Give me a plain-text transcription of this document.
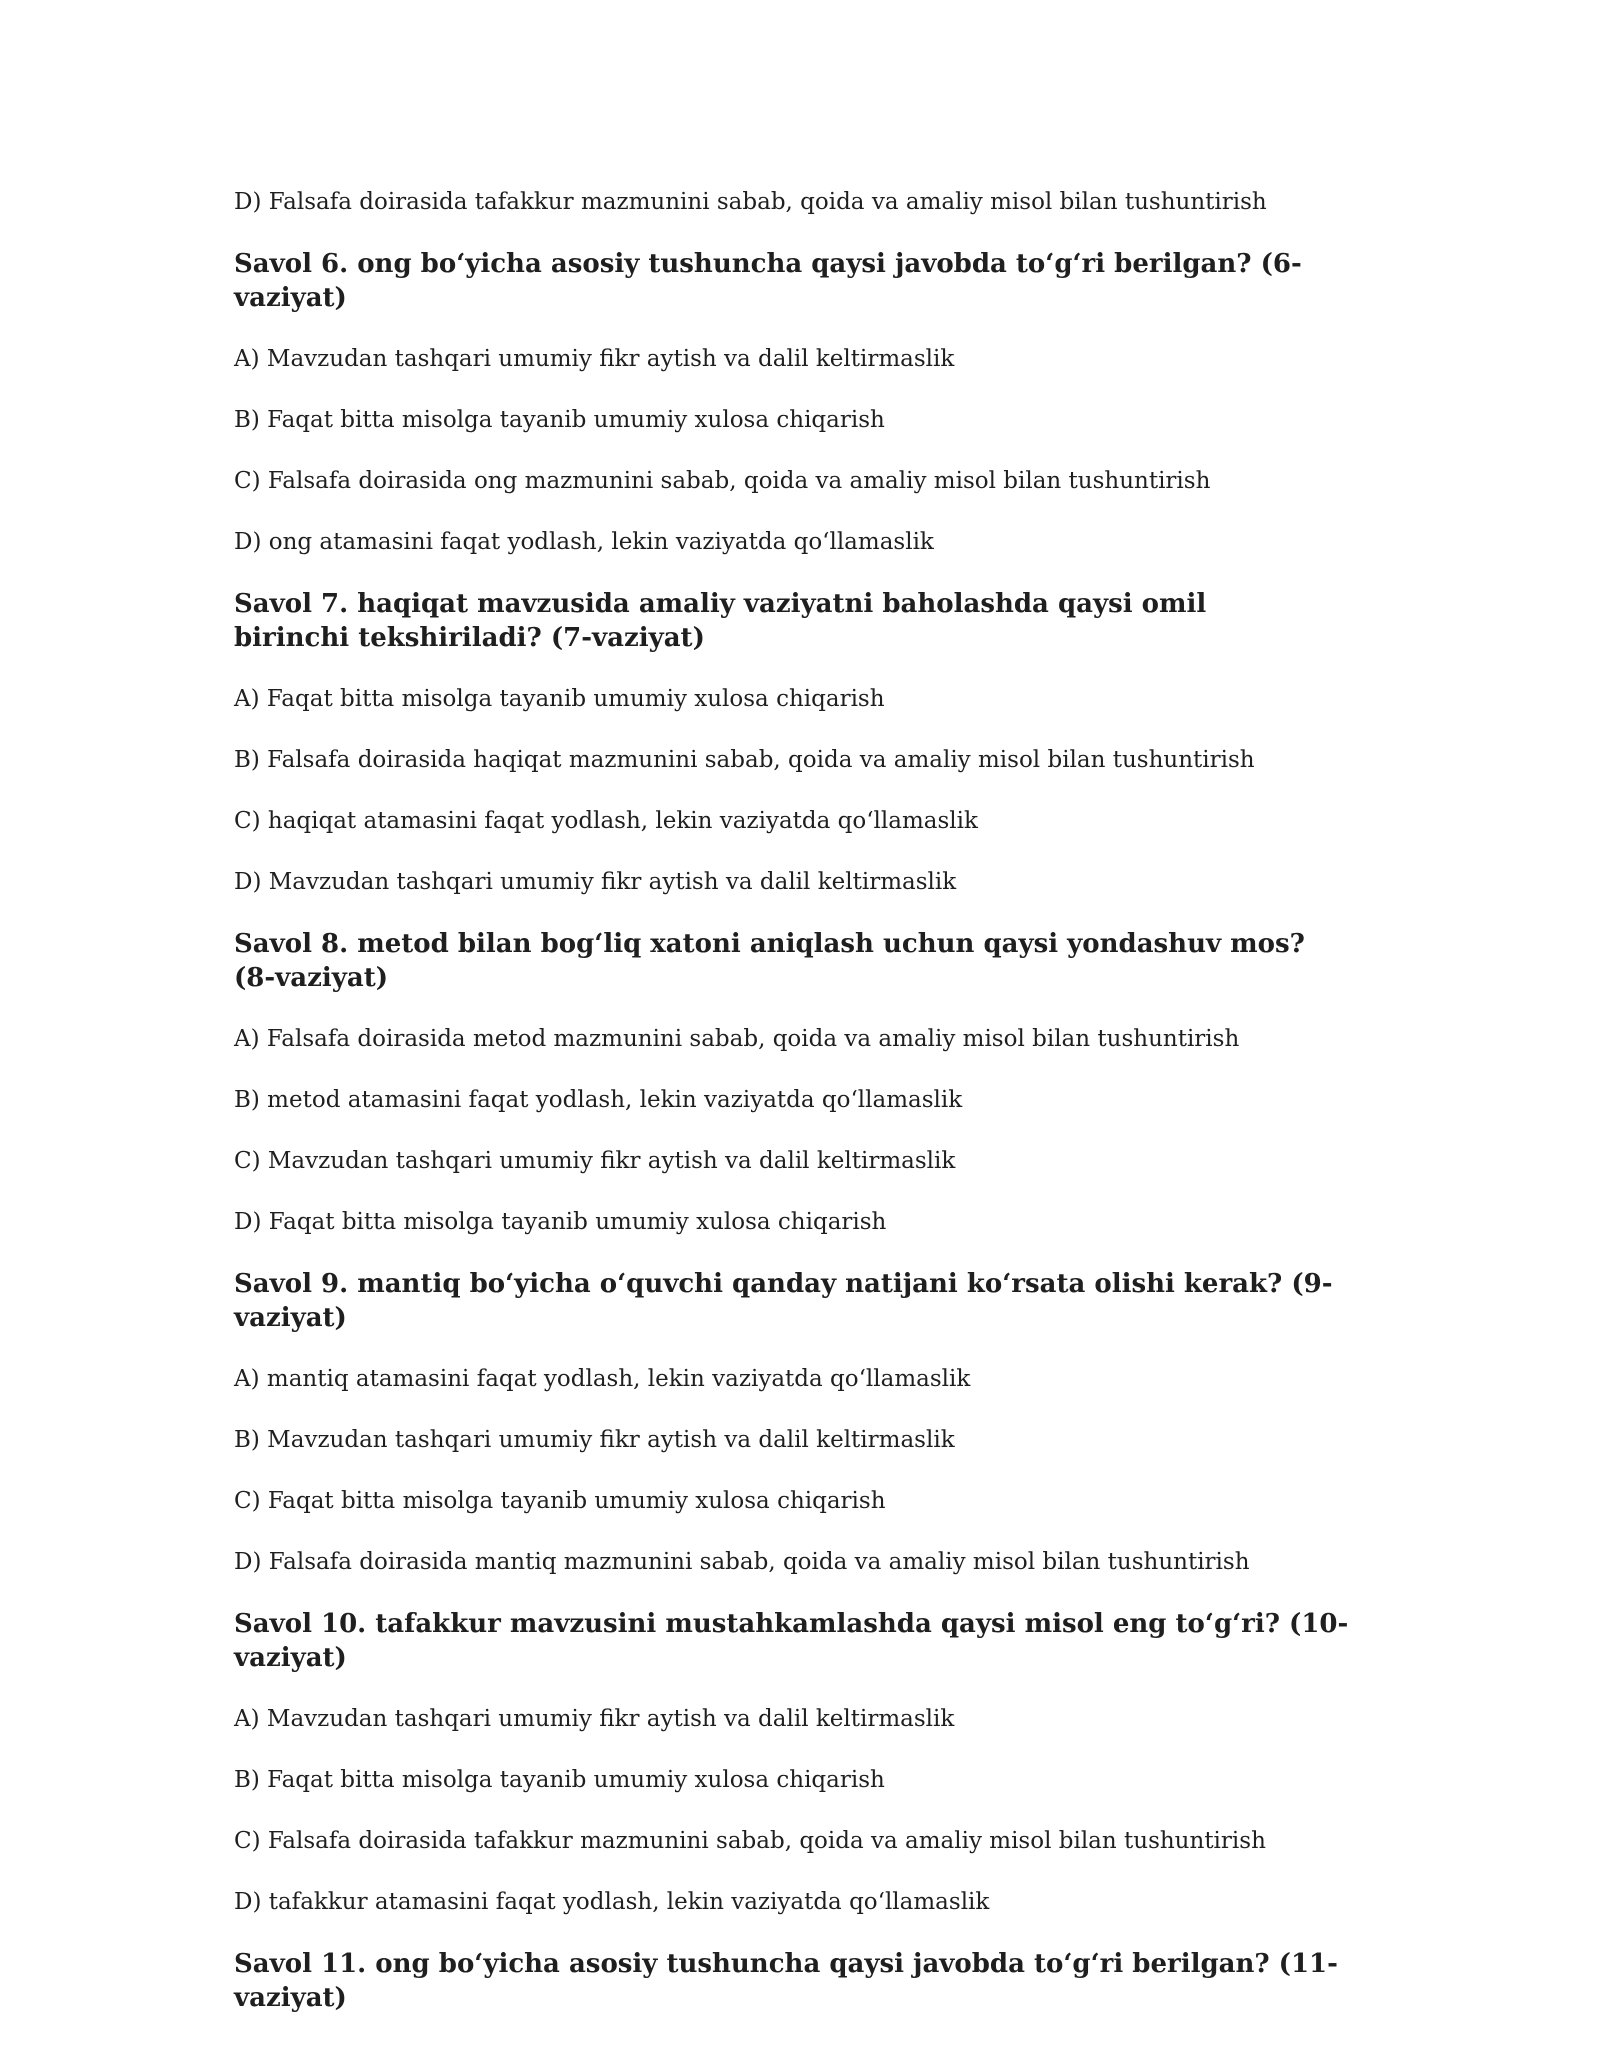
D) Falsafa doirasida tafakkur mazmunini sabab, qoida va amaliy misol bilan tushuntirish

Savol 6. ong bo‘yicha asosiy tushuncha qaysi javobda to‘g‘ri berilgan? (6-vaziyat)

A) Mavzudan tashqari umumiy fikr aytish va dalil keltirmaslik

B) Faqat bitta misolga tayanib umumiy xulosa chiqarish

C) Falsafa doirasida ong mazmunini sabab, qoida va amaliy misol bilan tushuntirish

D) ong atamasini faqat yodlash, lekin vaziyatda qo‘llamaslik

Savol 7. haqiqat mavzusida amaliy vaziyatni baholashda qaysi omil birinchi tekshiriladi? (7-vaziyat)

A) Faqat bitta misolga tayanib umumiy xulosa chiqarish

B) Falsafa doirasida haqiqat mazmunini sabab, qoida va amaliy misol bilan tushuntirish

C) haqiqat atamasini faqat yodlash, lekin vaziyatda qo‘llamaslik

D) Mavzudan tashqari umumiy fikr aytish va dalil keltirmaslik

Savol 8. metod bilan bog‘liq xatoni aniqlash uchun qaysi yondashuv mos? (8-vaziyat)

A) Falsafa doirasida metod mazmunini sabab, qoida va amaliy misol bilan tushuntirish

B) metod atamasini faqat yodlash, lekin vaziyatda qo‘llamaslik

C) Mavzudan tashqari umumiy fikr aytish va dalil keltirmaslik

D) Faqat bitta misolga tayanib umumiy xulosa chiqarish

Savol 9. mantiq bo‘yicha o‘quvchi qanday natijani ko‘rsata olishi kerak? (9-vaziyat)

A) mantiq atamasini faqat yodlash, lekin vaziyatda qo‘llamaslik

B) Mavzudan tashqari umumiy fikr aytish va dalil keltirmaslik

C) Faqat bitta misolga tayanib umumiy xulosa chiqarish

D) Falsafa doirasida mantiq mazmunini sabab, qoida va amaliy misol bilan tushuntirish

Savol 10. tafakkur mavzusini mustahkamlashda qaysi misol eng to‘g‘ri? (10-vaziyat)

A) Mavzudan tashqari umumiy fikr aytish va dalil keltirmaslik

B) Faqat bitta misolga tayanib umumiy xulosa chiqarish

C) Falsafa doirasida tafakkur mazmunini sabab, qoida va amaliy misol bilan tushuntirish

D) tafakkur atamasini faqat yodlash, lekin vaziyatda qo‘llamaslik

Savol 11. ong bo‘yicha asosiy tushuncha qaysi javobda to‘g‘ri berilgan? (11-vaziyat)
